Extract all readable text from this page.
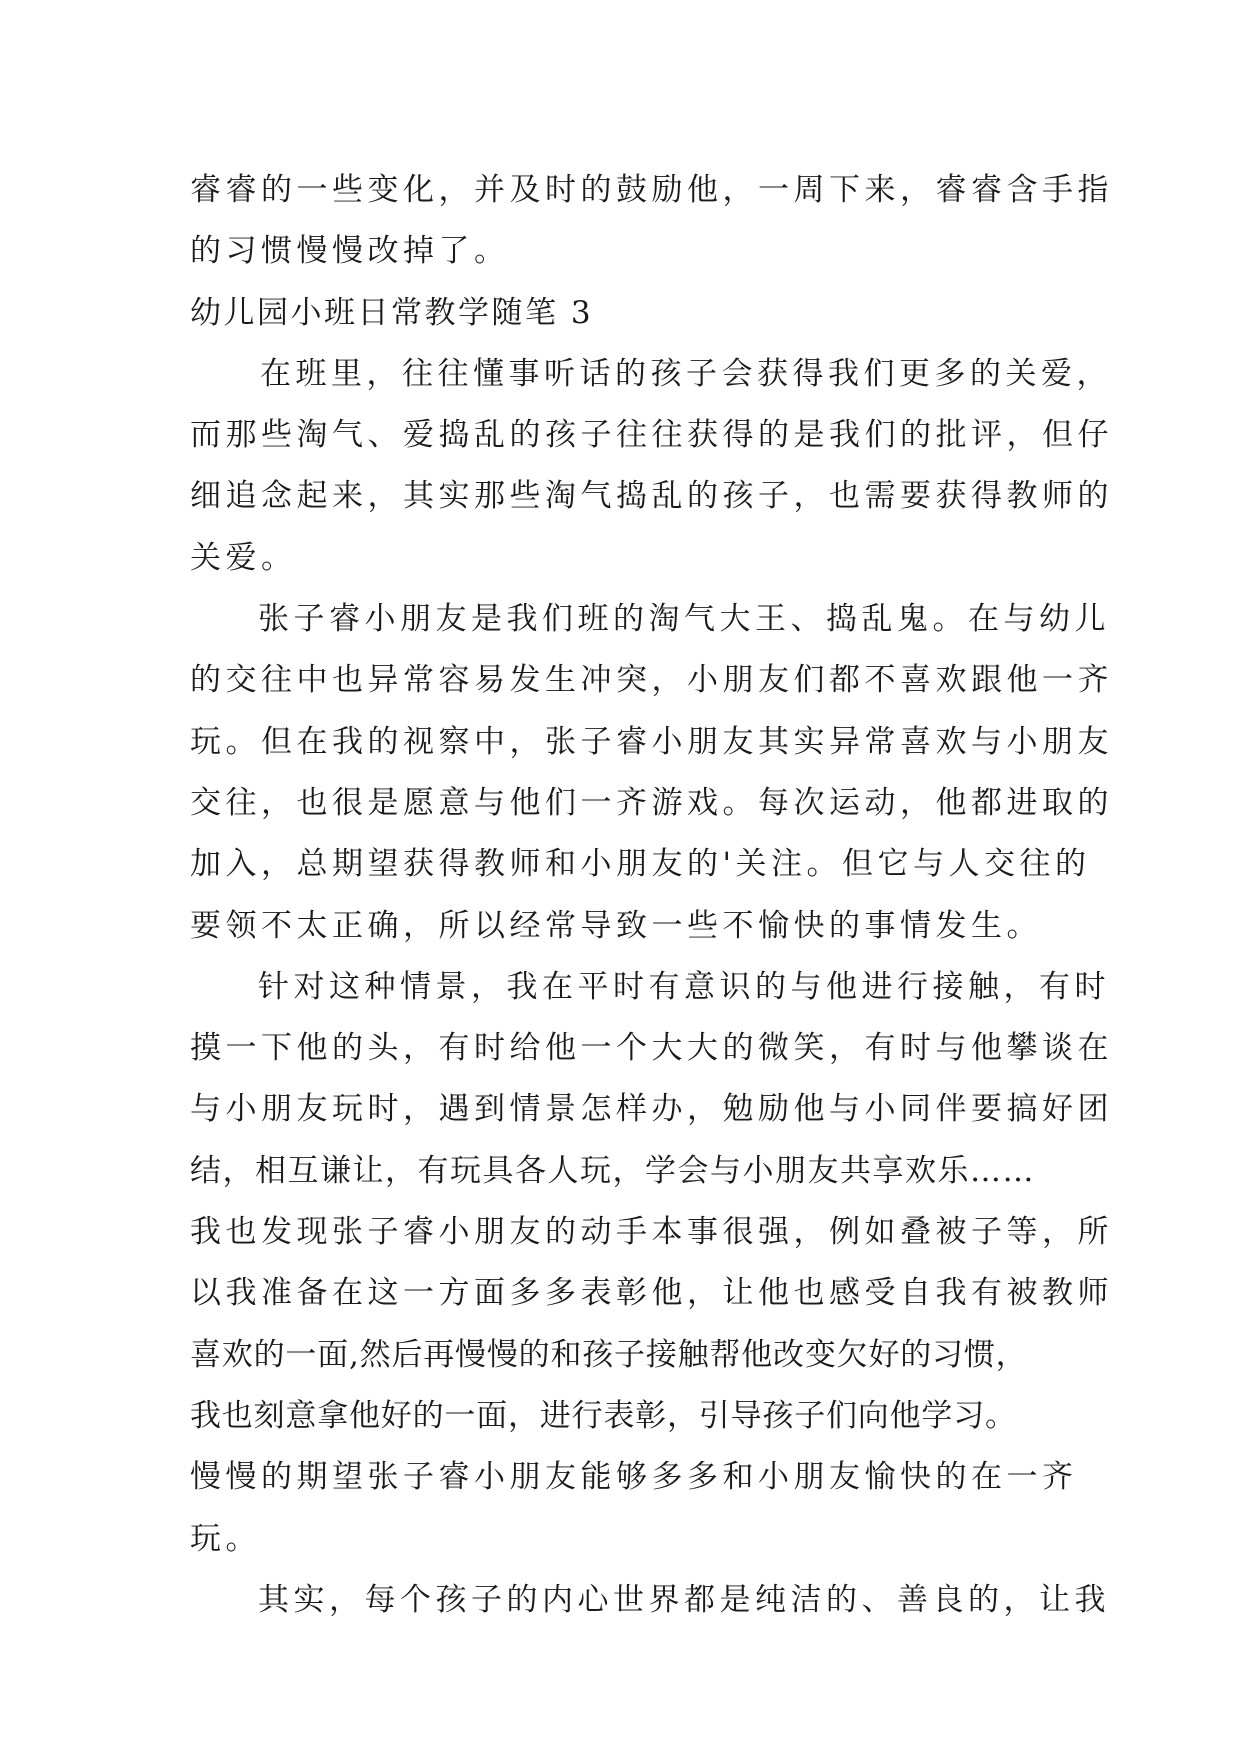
睿睿的一些变化，并及时的鼓励他，一周下来，睿睿含手指
的习惯慢慢改掉了。
幼儿园小班日常教学随笔 3
在班里，往往懂事听话的孩子会获得我们更多的关爱，
而那些淘气、爱捣乱的孩子往往获得的是我们的批评，但仔
细追念起来，其实那些淘气捣乱的孩子，也需要获得教师的
关爱。
张子睿小朋友是我们班的淘气大王、捣乱鬼。在与幼儿
的交往中也异常容易发生冲突，小朋友们都不喜欢跟他一齐
玩。但在我的视察中，张子睿小朋友其实异常喜欢与小朋友
交往，也很是愿意与他们一齐游戏。每次运动，他都进取的
加入，总期望获得教师和小朋友的'关注。但它与人交往的
要领不太正确，所以经常导致一些不愉快的事情发生。
针对这种情景，我在平时有意识的与他进行接触，有时
摸一下他的头，有时给他一个大大的微笑，有时与他攀谈在
与小朋友玩时，遇到情景怎样办，勉励他与小同伴要搞好团
结，相互谦让，有玩具各人玩，学会与小朋友共享欢乐……
我也发现张子睿小朋友的动手本事很强，例如叠被子等，所
以我准备在这一方面多多表彰他，让他也感受自我有被教师
喜欢的一面,然后再慢慢的和孩子接触帮他改变欠好的习惯，
我也刻意拿他好的一面，进行表彰，引导孩子们向他学习。
慢慢的期望张子睿小朋友能够多多和小朋友愉快的在一齐
玩。
其实，每个孩子的内心世界都是纯洁的、善良的，让我
